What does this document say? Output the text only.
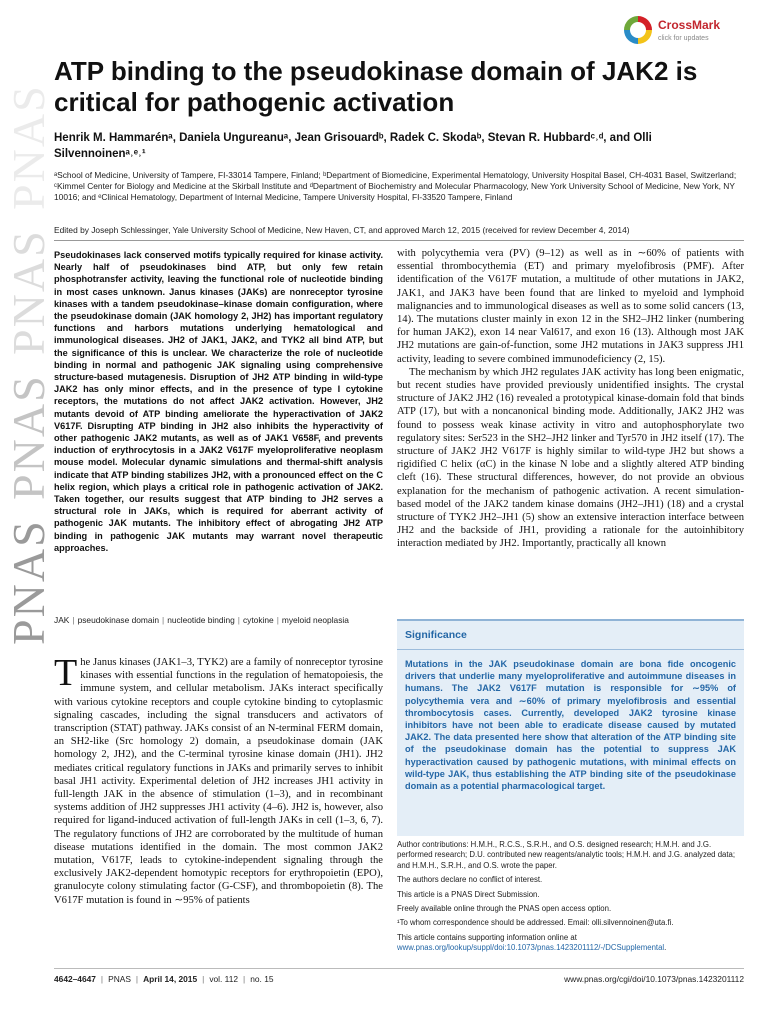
PNAS PNAS PNAS PNAS
CrossMark
click for updates
ATP binding to the pseudokinase domain of JAK2 is critical for pathogenic activation
Henrik M. Hammarénᵃ, Daniela Ungureanuᵃ, Jean Grisouardᵇ, Radek C. Skodaᵇ, Stevan R. Hubbardᶜ˒ᵈ, and Olli Silvennoinenᵃ˒ᵉ˒¹
ᵃSchool of Medicine, University of Tampere, FI-33014 Tampere, Finland; ᵇDepartment of Biomedicine, Experimental Hematology, University Hospital Basel, CH-4031 Basel, Switzerland; ᶜKimmel Center for Biology and Medicine at the Skirball Institute and ᵈDepartment of Biochemistry and Molecular Pharmacology, New York University School of Medicine, New York, NY 10016; and ᵉClinical Hematology, Department of Internal Medicine, Tampere University Hospital, FI-33520 Tampere, Finland
Edited by Joseph Schlessinger, Yale University School of Medicine, New Haven, CT, and approved March 12, 2015 (received for review December 4, 2014)

Pseudokinases lack conserved motifs typically required for kinase activity. Nearly half of pseudokinases bind ATP, but only few retain phosphotransfer activity, leaving the functional role of nucleotide binding in most cases unknown. Janus kinases (JAKs) are nonreceptor tyrosine kinases with a tandem pseudokinase–kinase domain configuration, where the pseudokinase domain (JAK homology 2, JH2) has important regulatory functions and harbors mutations underlying hematological and immunological diseases. JH2 of JAK1, JAK2, and TYK2 all bind ATP, but the significance of this is unclear. We characterize the role of nucleotide binding in normal and pathogenic JAK signaling using comprehensive structure-based mutagenesis. Disruption of JH2 ATP binding in wild-type JAK2 has only minor effects, and in the presence of type I cytokine receptors, the mutations do not affect JAK2 activation. However, JH2 mutants devoid of ATP binding ameliorate the hyperactivation of JAK2 V617F. Disrupting ATP binding in JH2 also inhibits the hyperactivity of other pathogenic JAK2 mutants, as well as of JAK1 V658F, and prevents induction of erythrocytosis in a JAK2 V617F myeloproliferative neoplasm mouse model. Molecular dynamic simulations and thermal-shift analysis indicate that ATP binding stabilizes JH2, with a pronounced effect on the C helix region, which plays a critical role in pathogenic activation of JAK2. Taken together, our results suggest that ATP binding to JH2 serves a structural role in JAKs, which is required for aberrant activity of pathogenic JAK mutants. The inhibitory effect of abrogating JH2 ATP binding in pathogenic JAK mutants may warrant novel therapeutic approaches.

JAK | pseudokinase domain | nucleotide binding | cytokine | myeloid neoplasia

The Janus kinases (JAK1–3, TYK2) are a family of nonreceptor tyrosine kinases with essential functions in the regulation of hematopoiesis, the immune system, and cellular metabolism. JAKs interact specifically with various cytokine receptors and couple cytokine binding to cytoplasmic signaling cascades, including the signal transducers and activators of transcription (STAT) pathway. JAKs consist of an N-terminal FERM domain, an SH2-like (Src homology 2) domain, a pseudokinase domain (JAK homology 2, JH2), and the C-terminal tyrosine kinase domain (JH1). JH2 mediates critical regulatory functions in JAKs and primarily serves to inhibit basal JH1 activity. Experimental deletion of JH2 increases JH1 activity in full-length JAK in the absence of stimulation (1–3), and in recombinant systems addition of JH2 suppresses JH1 activity (4–6). JH2 is, however, also required for ligand-induced activation of full-length JAKs in cell (1–3, 6, 7). The regulatory functions of JH2 are corroborated by the multitude of human disease mutations identified in the domain. The most common JAK2 mutation, V617F, leads to cytokine-independent signaling through the exclusively JAK2-dependent homotypic receptors for erythropoietin (EPO), granulocyte colony stimulating factor (G-CSF), and thrombopoietin (8). The V617F mutation is found in ∼95% of patients

with polycythemia vera (PV) (9–12) as well as in ∼60% of patients with essential thrombocythemia (ET) and primary myelofibrosis (PMF). After identification of the V617F mutation, a multitude of other mutations in JAK2, JAK1, and JAK3 have been found that are linked to myeloid and lymphoid malignancies and to immunological diseases as well as to some solid cancers (13, 14). The mutations cluster mainly in exon 12 in the SH2–JH2 linker (numbering for human JAK2), exon 14 near Val617, and exon 16 (13). Although most JAK JH2 mutations are gain-of-function, some JH2 mutations in JAK3 suppress JH1 activity, leading to severe combined immunodeficiency (2, 15).

The mechanism by which JH2 regulates JAK activity has long been enigmatic, but recent studies have provided previously unidentified insights. The crystal structure of JAK2 JH2 (16) revealed a prototypical kinase-domain fold that binds ATP (17), but with a noncanonical binding mode. Additionally, JAK2 JH2 was found to possess weak kinase activity in vitro and autophosphorylate two regulatory sites: Ser523 in the SH2–JH2 linker and Tyr570 in JH2 itself (17). The structure of JAK2 JH2 V617F is highly similar to wild-type JH2 but shows a rigidified C helix (αC) in the kinase N lobe and a slightly altered ATP binding cleft (16). These structural differences, however, do not provide an obvious explanation for the mechanism of pathogenic activation. A recent simulation-based model of the JAK2 tandem kinase domains (JH2–JH1) (18) and a crystal structure of TYK2 JH2–JH1 (5) show an extensive interaction interface between JH2 and the backside of JH1, providing a rationale for the autoinhibitory interaction mediated by JH2. Importantly, practically all known

Significance

Mutations in the JAK pseudokinase domain are bona fide oncogenic drivers that underlie many myeloproliferative and autoimmune diseases in humans. The JAK2 V617F mutation is responsible for ∼95% of polycythemia vera and ∼60% of primary myelofibrosis and essential thrombocytosis cases. Currently, developed JAK2 tyrosine kinase inhibitors have not been able to eradicate disease caused by mutated JAK2. The data presented here show that alteration of the ATP binding site of the pseudokinase domain has the potential to suppress JAK hyperactivation caused by pathogenic mutations, with minimal effects on wild-type JAK, thus establishing the ATP binding site of the pseudokinase domain as a potential pharmacological target.

Author contributions: H.M.H., R.C.S., S.R.H., and O.S. designed research; H.M.H. and J.G. performed research; D.U. contributed new reagents/analytic tools; H.M.H. and J.G. analyzed data; and H.M.H., S.R.H., and O.S. wrote the paper.

The authors declare no conflict of interest.

This article is a PNAS Direct Submission.

Freely available online through the PNAS open access option.

¹To whom correspondence should be addressed. Email: olli.silvennoinen@uta.fi.

This article contains supporting information online at www.pnas.org/lookup/suppl/doi:10.1073/pnas.1423201112/-/DCSupplemental.

4642–4647 | PNAS | April 14, 2015 | vol. 112 | no. 15	www.pnas.org/cgi/doi/10.1073/pnas.1423201112
